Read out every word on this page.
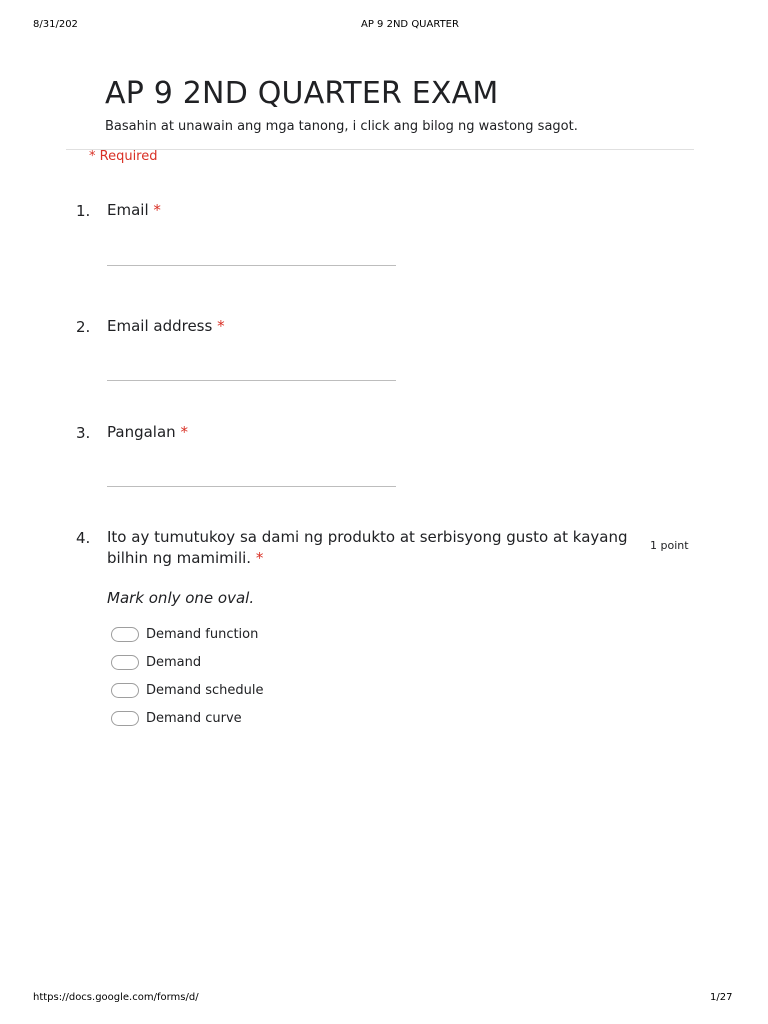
8/31/202	AP 9 2ND QUARTER
AP 9 2ND QUARTER EXAM
Basahin at unawain ang mga tanong, i click ang bilog ng wastong sagot.
* Required
1. Email *
2. Email address *
3. Pangalan *
4. Ito ay tumutukoy sa dami ng produkto at serbisyong gusto at kayang
bilhin ng mamimili. *
1 point
Mark only one oval.
Demand function
Demand
Demand schedule
Demand curve
https://docs.google.com/forms/d/	1/27
